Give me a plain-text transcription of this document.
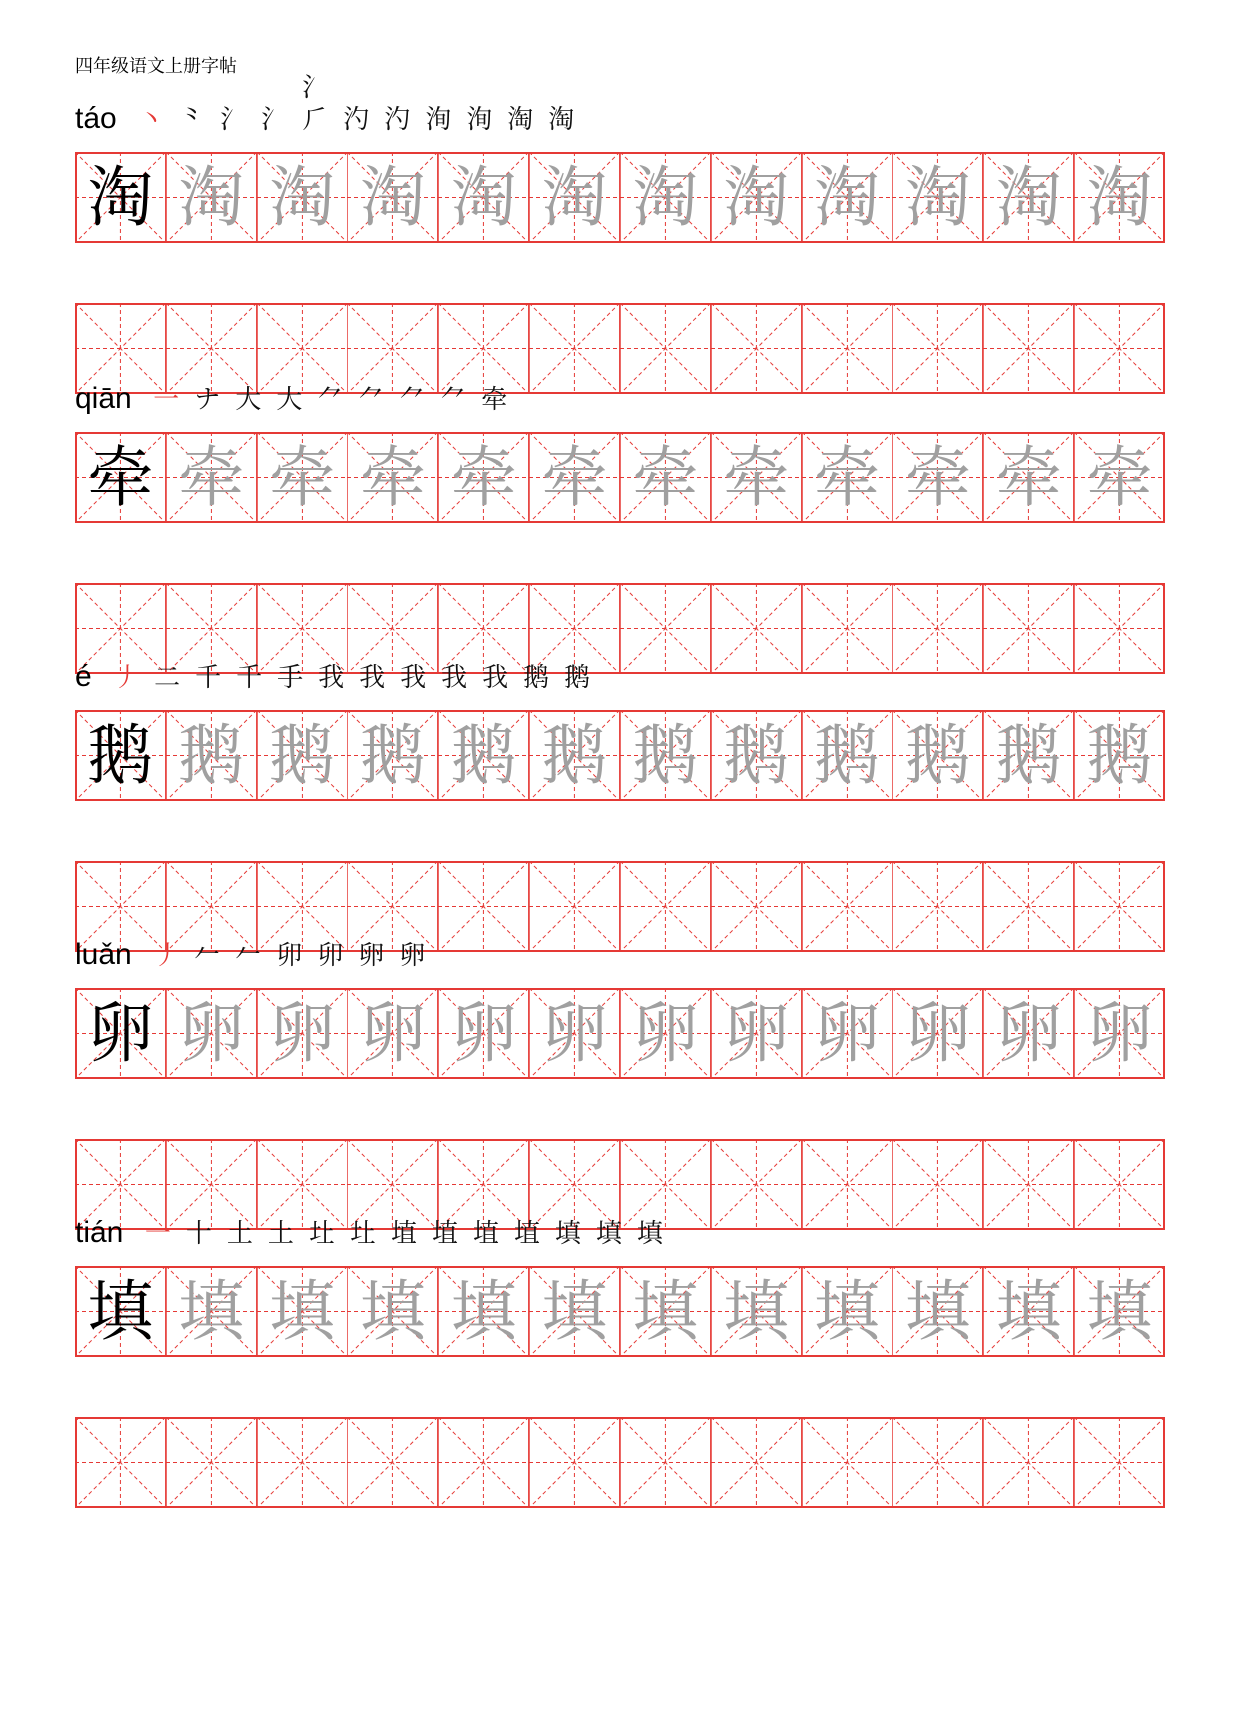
四年级语文上册字帖
táo 丶 ⺀ 氵 氵
氵⺁ 汋 汋 洵 洵 淘 淘
淘 淘 淘 淘 淘 淘 淘 淘 淘 淘 淘 淘
qiān 一 ナ 大 大 ⺈ ⺈ ⺈ ⺈ 牵
牵 牵 牵 牵 牵 牵 牵 牵 牵 牵 牵 牵
é 丿 二 千 千 手 我 我 我 我 我 鹅 鹅
鹅 鹅 鹅 鹅 鹅 鹅 鹅 鹅 鹅 鹅 鹅 鹅
luǎn 丿 𠂉 𠂉 卯 卯 卵 卵
卵 卵 卵 卵 卵 卵 卵 卵 卵 卵 卵 卵
tián 一 十 土 土 圵 圵 埴 埴 埴 埴 填 填 填
填 填 填 填 填 填 填 填 填 填 填 填
